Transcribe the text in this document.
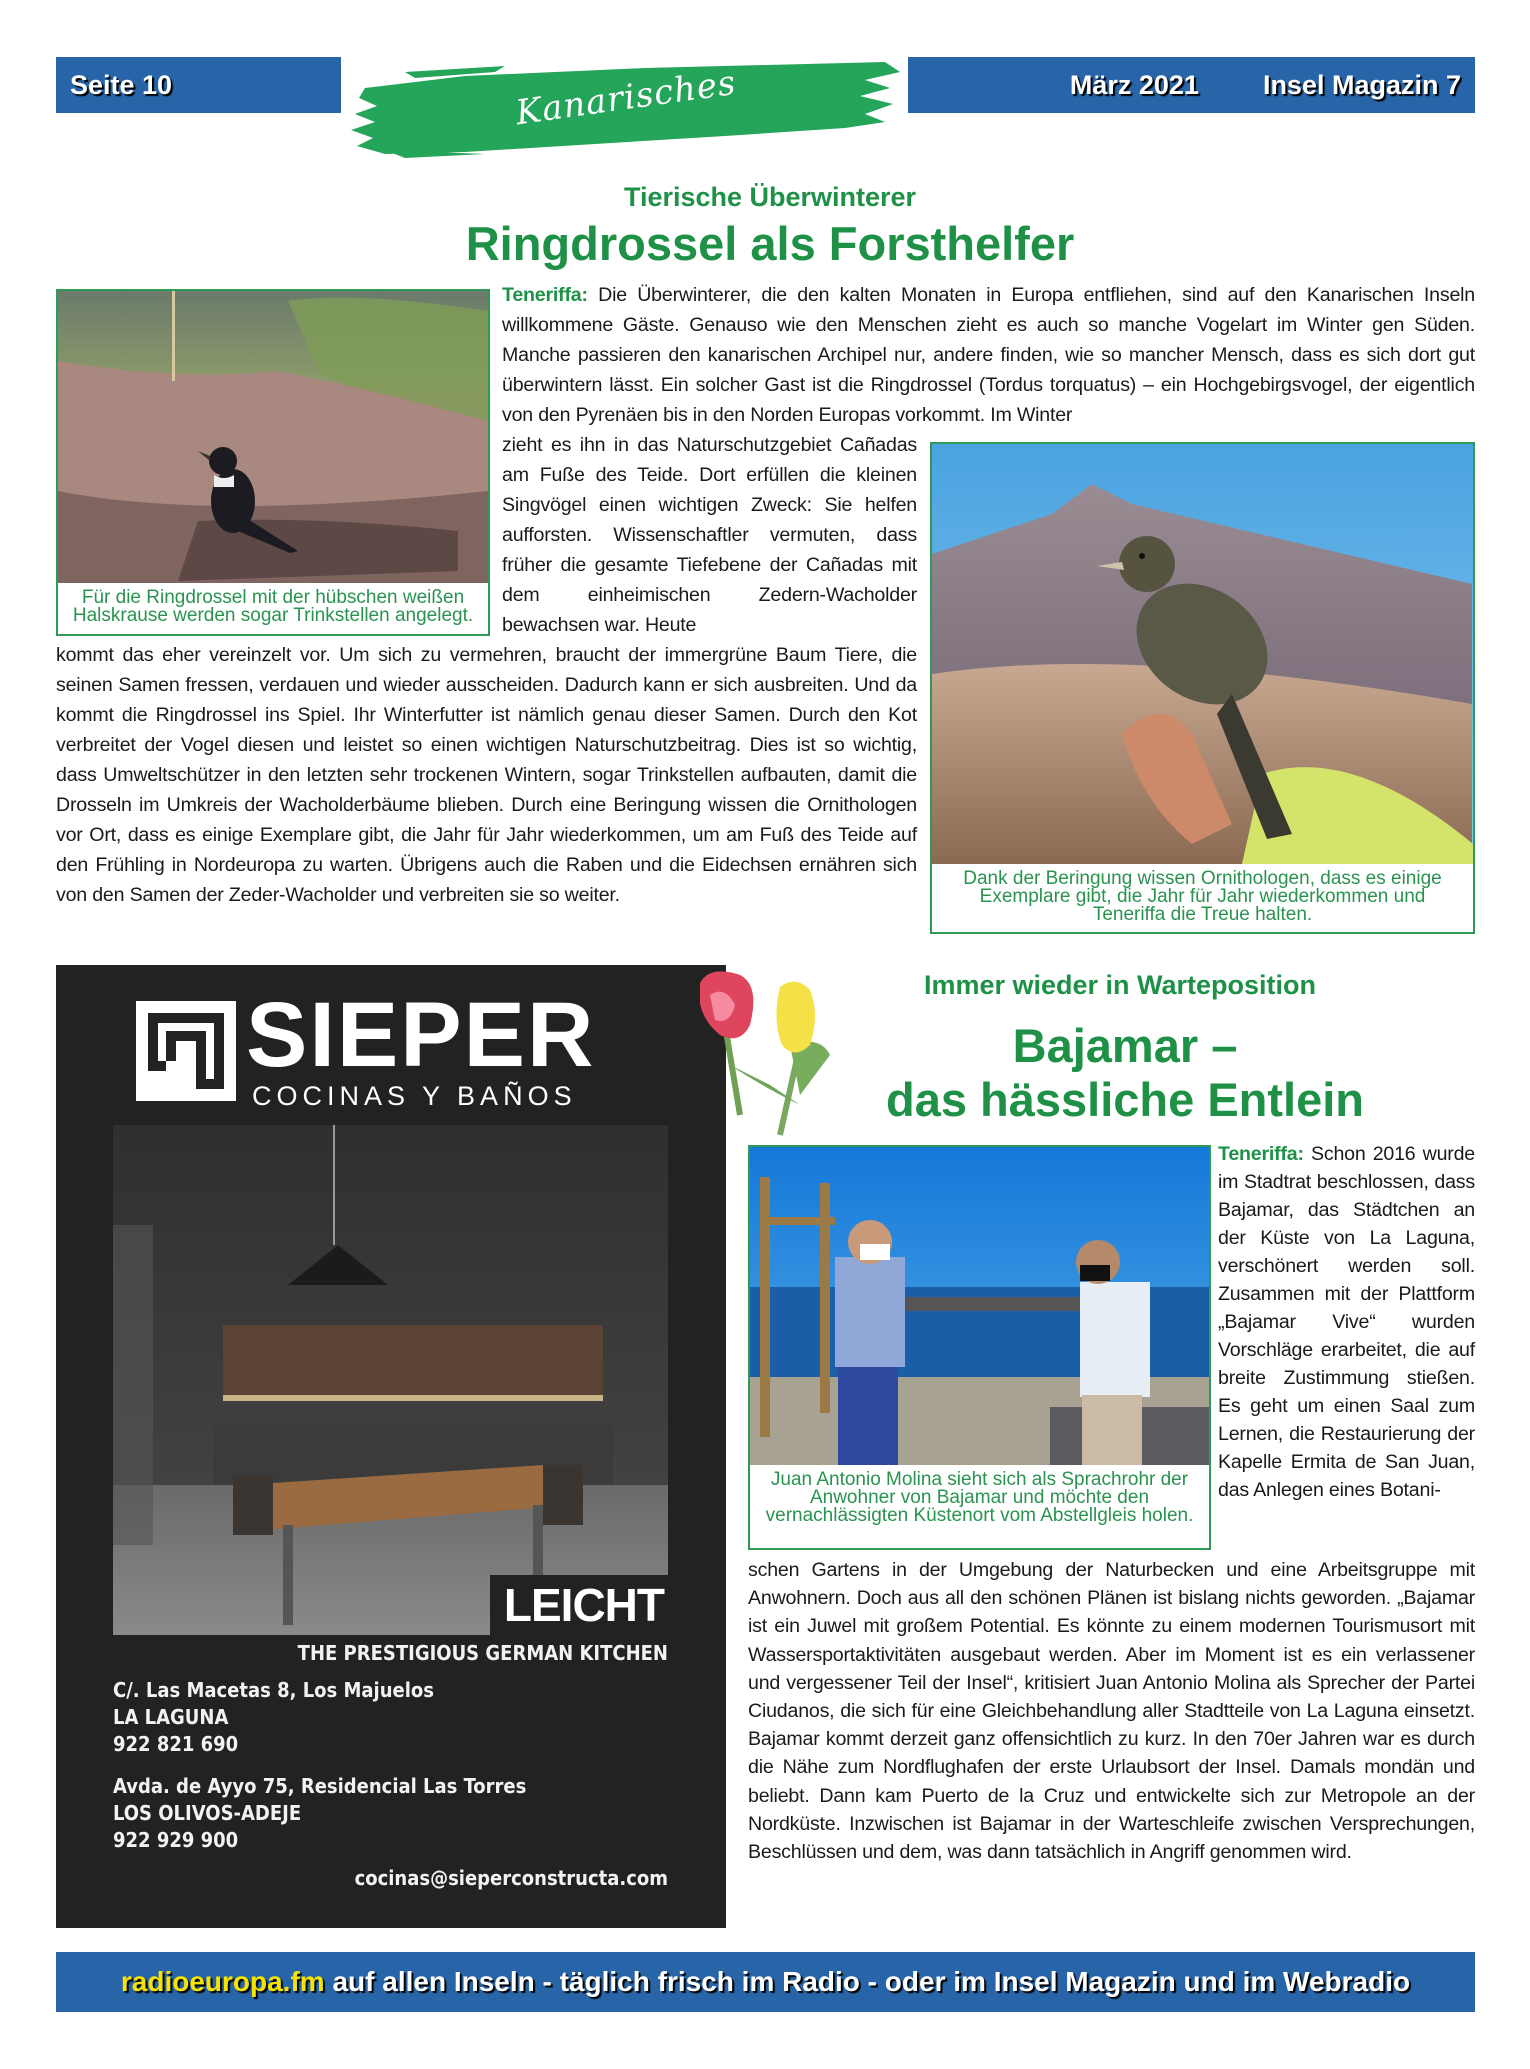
Seite 10	Kanarisches	März 2021 Insel Magazin 7
Tierische Überwinterer
Ringdrossel als Forsthelfer
Für die Ringdrossel mit der hübschen weißen Halskrause werden sogar Trinkstellen angelegt.
Dank der Beringung wissen Ornithologen, dass es einige Exemplare gibt, die Jahr für Jahr wiederkommen und Teneriffa die Treue halten.

Teneriffa: Die Überwinterer, die den kalten Monaten in Europa entfliehen, sind auf den Kanarischen Inseln willkommene Gäste. Genauso wie den Menschen zieht es auch so manche Vogelart im Winter gen Süden. Manche passieren den kanarischen Archipel nur, andere finden, wie so mancher Mensch, dass es sich dort gut überwintern lässt. Ein solcher Gast ist die Ringdrossel (Tordus torquatus) – ein Hochgebirgsvogel, der eigentlich von den Pyrenäen bis in den Norden Europas vorkommt. Im Winter

zieht es ihn in das Naturschutzgebiet Cañadas am Fuße des Teide. Dort erfüllen die kleinen Singvögel einen wichtigen Zweck: Sie helfen aufforsten. Wissenschaftler vermuten, dass früher die gesamte Tiefebene der Cañadas mit dem einheimischen Zedern-Wacholder bewachsen war. Heute

kommt das eher vereinzelt vor. Um sich zu vermehren, braucht der immergrüne Baum Tiere, die seinen Samen fressen, verdauen und wieder ausscheiden. Dadurch kann er sich ausbreiten. Und da kommt die Ringdrossel ins Spiel. Ihr Winterfutter ist nämlich genau dieser Samen. Durch den Kot verbreitet der Vogel diesen und leistet so einen wichtigen Naturschutzbeitrag. Dies ist so wichtig, dass Umweltschützer in den letzten sehr trockenen Wintern, sogar Trinkstellen aufbauten, damit die Drosseln im Umkreis der Wacholderbäume blieben. Durch eine Beringung wissen die Ornithologen vor Ort, dass es einige Exemplare gibt, die Jahr für Jahr wiederkommen, um am Fuß des Teide auf den Frühling in Nordeuropa zu warten. Übrigens auch die Raben und die Eidechsen ernähren sich von den Samen der Zeder-Wacholder und verbreiten sie so weiter.

SIEPER
COCINAS Y BAÑOS
LEICHT
THE PRESTIGIOUS GERMAN KITCHEN
C/. Las Macetas 8, Los Majuelos
LA LAGUNA
922 821 690
Avda. de Ayyo 75, Residencial Las Torres
LOS OLIVOS-ADEJE
922 929 900
cocinas@sieperconstructa.com
Immer wieder in Warteposition
Bajamar –
das hässliche Entlein
Juan Antonio Molina sieht sich als Sprachrohr der Anwohner von Bajamar und möchte den vernachlässigten Küstenort vom Abstellgleis holen.

Teneriffa: Schon 2016 wurde im Stadtrat beschlossen, dass Bajamar, das Städtchen an der Küste von La Laguna, verschönert werden soll. Zusammen mit der Plattform „Bajamar Vive“ wurden Vorschläge erarbeitet, die auf breite Zustimmung stießen. Es geht um einen Saal zum Lernen, die Restaurierung der Kapelle Ermita de San Juan, das Anlegen eines Botani-

schen Gartens in der Umgebung der Naturbecken und eine Arbeitsgruppe mit Anwohnern. Doch aus all den schönen Plänen ist bislang nichts geworden. „Bajamar ist ein Juwel mit großem Potential. Es könnte zu einem modernen Tourismusort mit Wassersportaktivitäten ausgebaut werden. Aber im Moment ist es ein verlassener und vergessener Teil der Insel“, kritisiert Juan Antonio Molina als Sprecher der Partei Ciudanos, die sich für eine Gleichbehandlung aller Stadtteile von La Laguna einsetzt. Bajamar kommt derzeit ganz offensichtlich zu kurz. In den 70er Jahren war es durch die Nähe zum Nordflughafen der erste Urlaubsort der Insel. Damals mondän und beliebt. Dann kam Puerto de la Cruz und entwickelte sich zur Metropole an der Nordküste. Inzwischen ist Bajamar in der Warteschleife zwischen Versprechungen, Beschlüssen und dem, was dann tatsächlich in Angriff genommen wird.

radioeuropa.fm auf allen Inseln - täglich frisch im Radio - oder im Insel Magazin und im Webradio
